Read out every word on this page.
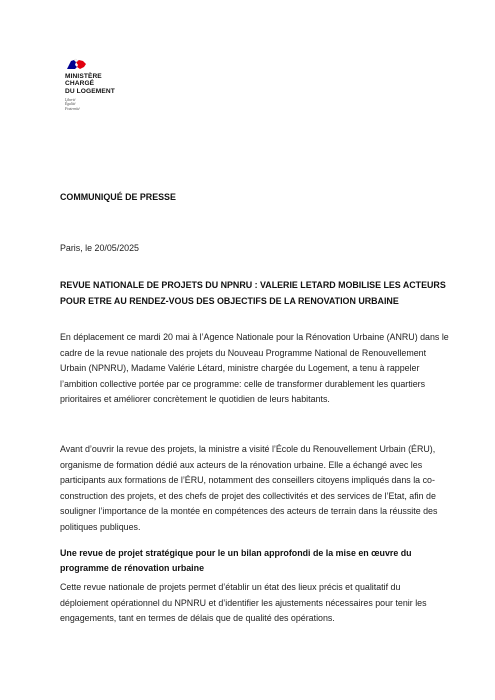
MINISTÈRE
CHARGÉ
DU LOGEMENT
Liberté
Égalité
Fraternité

COMMUNIQUÉ DE PRESSE

Paris, le 20/05/2025

REVUE NATIONALE DE PROJETS DU NPNRU : VALERIE LETARD MOBILISE LES ACTEURS POUR ETRE AU RENDEZ-VOUS DES OBJECTIFS DE LA RENOVATION URBAINE

En déplacement ce mardi 20 mai à l’Agence Nationale pour la Rénovation Urbaine (ANRU) dans le cadre de la revue nationale des projets du Nouveau Programme National de Renouvellement Urbain (NPNRU), Madame Valérie Létard, ministre chargée du Logement, a tenu à rappeler l’ambition collective portée par ce programme: celle de transformer durablement les quartiers prioritaires et améliorer concrètement le quotidien de leurs habitants.

Avant d’ouvrir la revue des projets, la ministre a visité l’École du Renouvellement Urbain (ÉRU), organisme de formation dédié aux acteurs de la rénovation urbaine. Elle a échangé avec les participants aux formations de l’ÉRU, notamment des conseillers citoyens impliqués dans la co-construction des projets, et des chefs de projet des collectivités et des services de l’Etat, afin de souligner l’importance de la montée en compétences des acteurs de terrain dans la réussite des politiques publiques.

Une revue de projet stratégique pour le un bilan approfondi de la mise en œuvre du programme de rénovation urbaine

Cette revue nationale de projets permet d’établir un état des lieux précis et qualitatif du déploiement opérationnel du NPNRU et d’identifier les ajustements nécessaires pour tenir les engagements, tant en termes de délais que de qualité des opérations.
